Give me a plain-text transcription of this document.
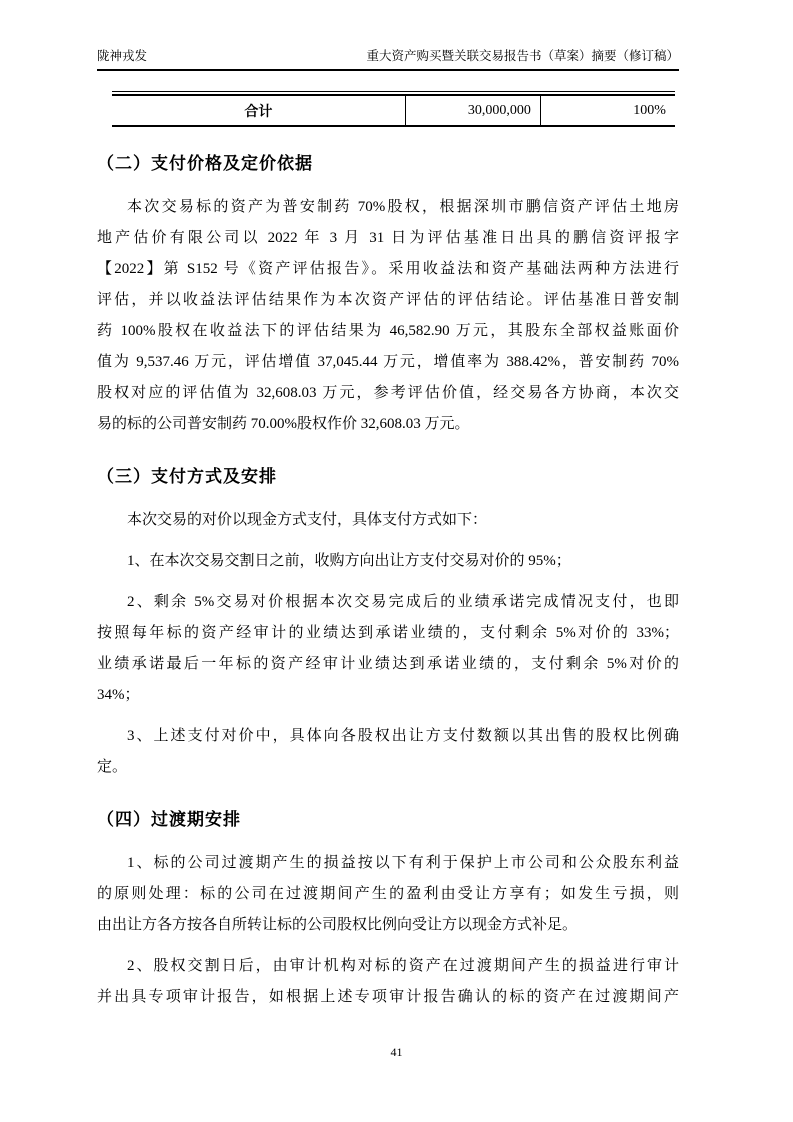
陇神戎发	重大资产购买暨关联交易报告书（草案）摘要（修订稿）
合计	30,000,000	100%
（二）支付价格及定价依据
本次交易标的资产为普安制药 70%股权，根据深圳市鹏信资产评估土地房
地产估价有限公司以 2022 年 3 月 31 日为评估基准日出具的鹏信资评报字
【2022】第 S152 号《资产评估报告》。采用收益法和资产基础法两种方法进行
评估，并以收益法评估结果作为本次资产评估的评估结论。评估基准日普安制
药 100%股权在收益法下的评估结果为 46,582.90 万元，其股东全部权益账面价
值为 9,537.46 万元，评估增值 37,045.44 万元，增值率为 388.42%，普安制药 70%
股权对应的评估值为 32,608.03 万元，参考评估价值，经交易各方协商，本次交
易的标的公司普安制药 70.00%股权作价 32,608.03 万元。
（三）支付方式及安排
本次交易的对价以现金方式支付，具体支付方式如下：
1、在本次交易交割日之前，收购方向出让方支付交易对价的 95%；
2、剩余 5%交易对价根据本次交易完成后的业绩承诺完成情况支付，也即
按照每年标的资产经审计的业绩达到承诺业绩的，支付剩余 5%对价的 33%；
业绩承诺最后一年标的资产经审计业绩达到承诺业绩的，支付剩余 5%对价的
34%；
3、上述支付对价中，具体向各股权出让方支付数额以其出售的股权比例确
定。
（四）过渡期安排
1、标的公司过渡期产生的损益按以下有利于保护上市公司和公众股东利益
的原则处理：标的公司在过渡期间产生的盈利由受让方享有；如发生亏损，则
由出让方各方按各自所转让标的公司股权比例向受让方以现金方式补足。
2、股权交割日后，由审计机构对标的资产在过渡期间产生的损益进行审计
并出具专项审计报告，如根据上述专项审计报告确认的标的资产在过渡期间产
41
